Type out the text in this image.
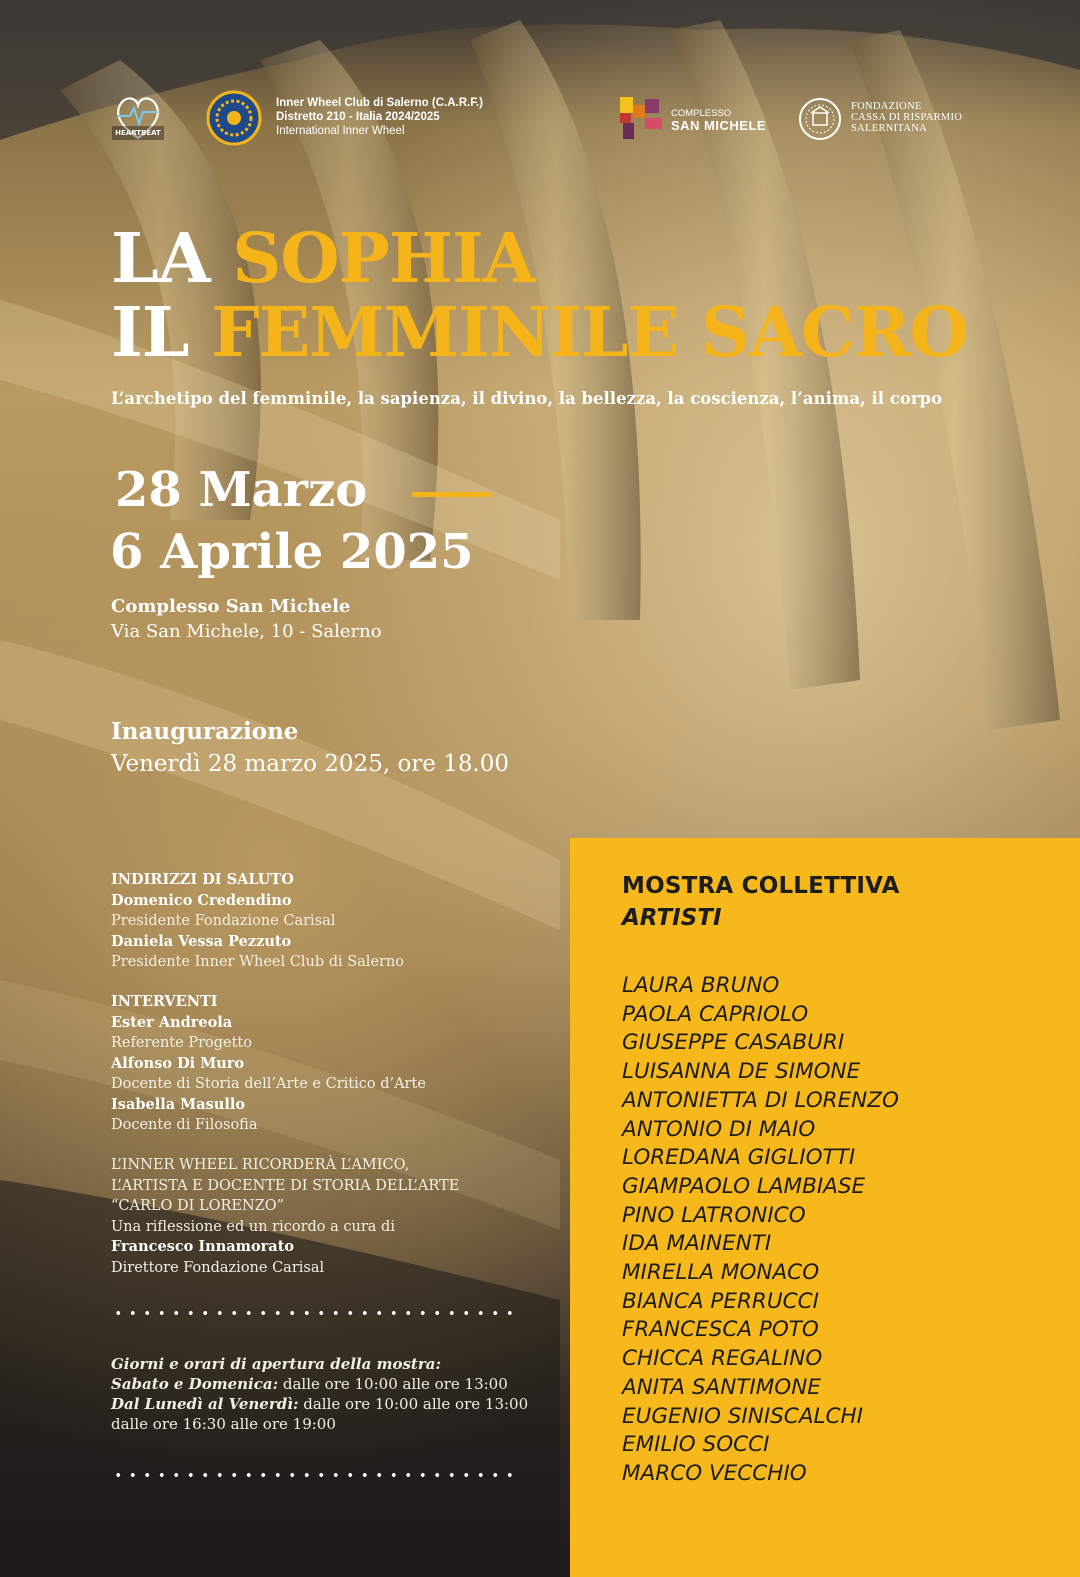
HEARTBEAT
Inner Wheel Club di Salerno (C.A.R.F.)
Distretto 210 - Italia 2024/2025
International Inner Wheel
COMPLESSO
SAN MICHELE
FONDAZIONE
CASSA DI RISPARMIO
SALERNITANA
LA SOPHIA
IL FEMMINILE SACRO
L’archetipo del femminile, la sapienza, il divino, la bellezza, la coscienza, l’anima, il corpo
28 Marzo
6 Aprile 2025
Complesso San Michele
Via San Michele, 10 - Salerno
Inaugurazione
Venerdì 28 marzo 2025, ore 18.00
INDIRIZZI DI SALUTO
Domenico Credendino
Presidente Fondazione Carisal
Daniela Vessa Pezzuto
Presidente Inner Wheel Club di Salerno
INTERVENTI
Ester Andreola
Referente Progetto
Alfonso Di Muro
Docente di Storia dell’Arte e Critico d’Arte
Isabella Masullo
Docente di Filosofia
L’INNER WHEEL RICORDERÀ L’AMICO,
L’ARTISTA E DOCENTE DI STORIA DELL’ARTE
“CARLO DI LORENZO”
Una riflessione ed un ricordo a cura di
Francesco Innamorato
Direttore Fondazione Carisal
Giorni e orari di apertura della mostra:
Sabato e Domenica: dalle ore 10:00 alle ore 13:00
Dal Lunedì al Venerdì: dalle ore 10:00 alle ore 13:00
dalle ore 16:30 alle ore 19:00
MOSTRA COLLETTIVA
ARTISTI
LAURA BRUNO
PAOLA CAPRIOLO
GIUSEPPE CASABURI
LUISANNA DE SIMONE
ANTONIETTA DI LORENZO
ANTONIO DI MAIO
LOREDANA GIGLIOTTI
GIAMPAOLO LAMBIASE
PINO LATRONICO
IDA MAINENTI
MIRELLA MONACO
BIANCA PERRUCCI
FRANCESCA POTO
CHICCA REGALINO
ANITA SANTIMONE
EUGENIO SINISCALCHI
EMILIO SOCCI
MARCO VECCHIO
